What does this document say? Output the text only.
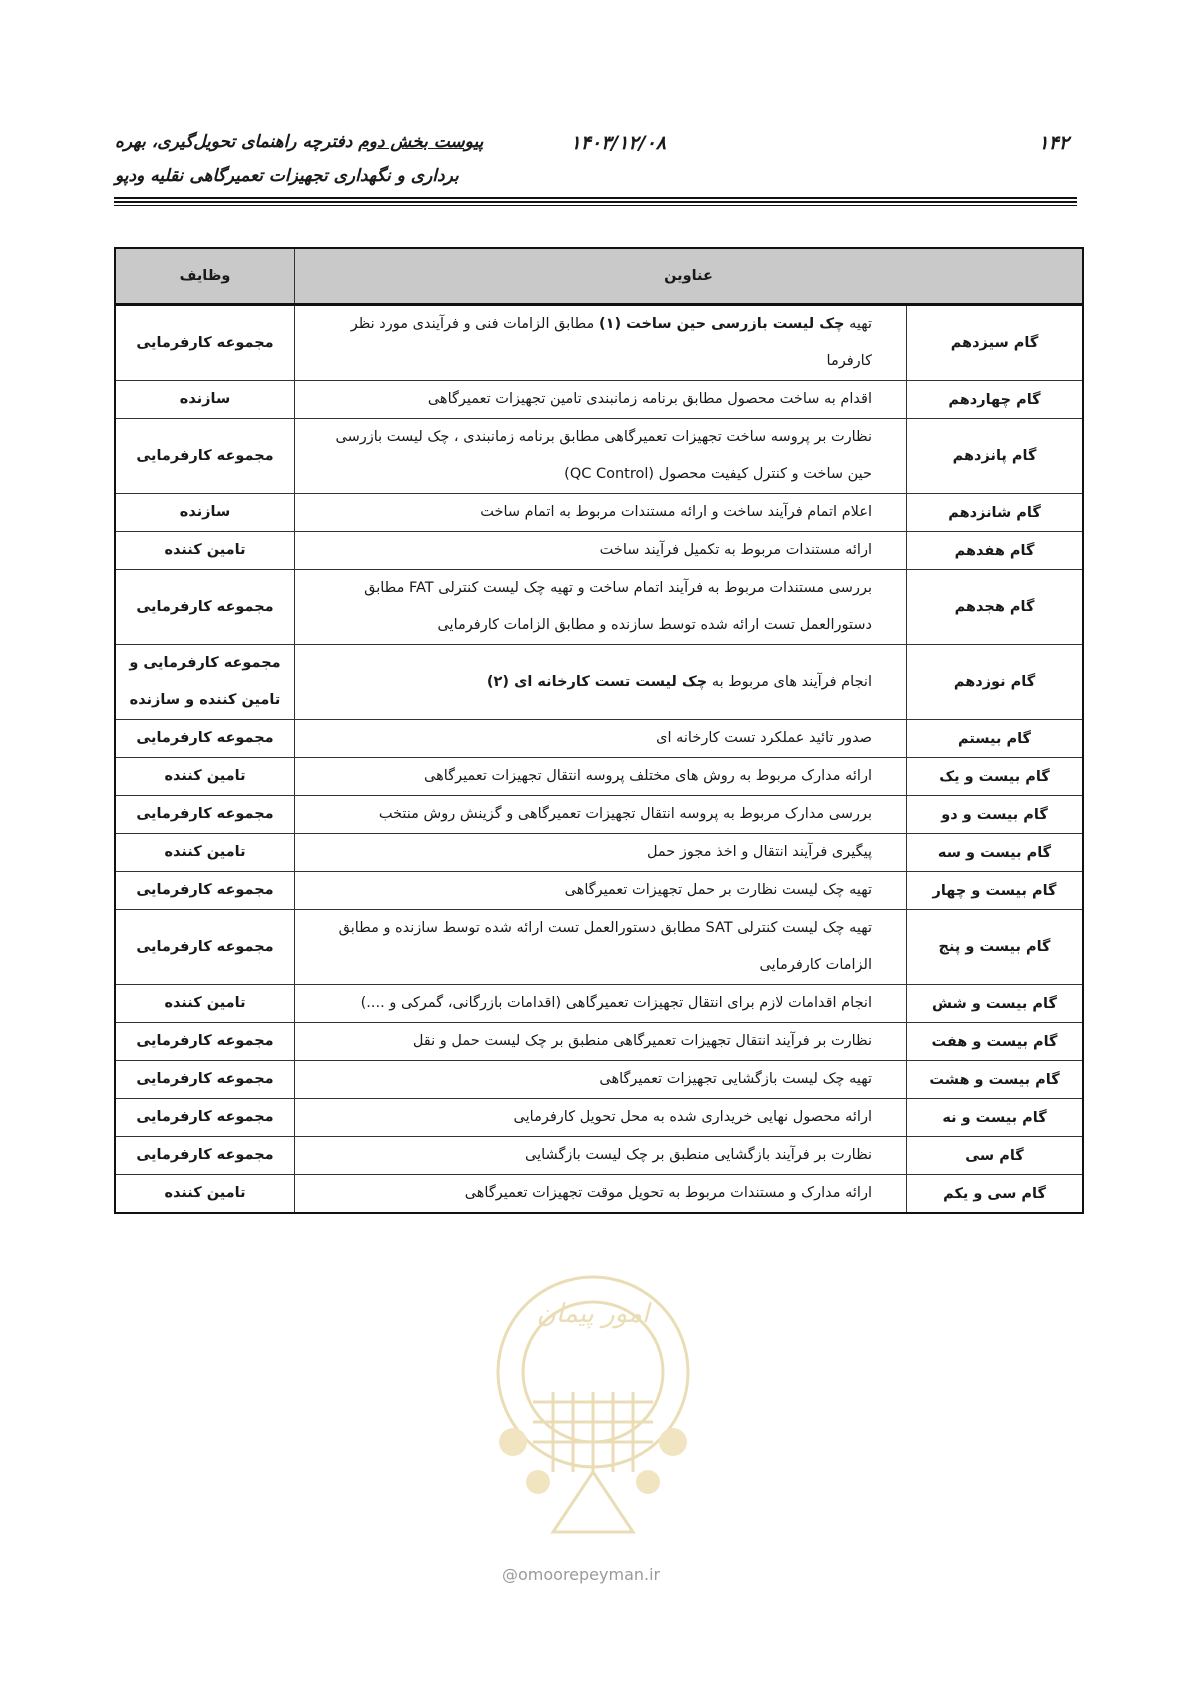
۱۴۲
۱۴۰۳/۱۲/۰۸
پیوست بخش دوم دفترچه راهنمای تحویل‌گیری، بهره
برداری و نگهداری تجهیزات تعمیرگاهی نقلیه ودپو
عناوین		وظایف
گام سیزدهم	تهیه چک لیست بازرسی حین ساخت (۱) مطابق الزامات فنی و فرآیندی مورد نظر کارفرما	مجموعه کارفرمایی
گام چهاردهم	اقدام به ساخت محصول مطابق برنامه زمانبندی تامین تجهیزات تعمیرگاهی	سازنده
گام پانزدهم	نظارت بر پروسه ساخت تجهیزات تعمیرگاهی مطابق برنامه زمانبندی ، چک لیست بازرسی حین ساخت و کنترل کیفیت محصول (QC Control)	مجموعه کارفرمایی
گام شانزدهم	اعلام اتمام فرآیند ساخت و ارائه مستندات مربوط به اتمام ساخت	سازنده
گام هفدهم	ارائه مستندات مربوط به تکمیل فرآیند ساخت	تامین کننده
گام هجدهم	بررسی مستندات مربوط به فرآیند اتمام ساخت و تهیه چک لیست کنترلی FAT مطابق دستورالعمل تست ارائه شده توسط سازنده و مطابق الزامات کارفرمایی	مجموعه کارفرمایی
گام نوزدهم	انجام فرآیند های مربوط به چک لیست تست کارخانه ای (۲)	مجموعه کارفرمایی و تامین کننده و سازنده
گام بیستم	صدور تائید عملکرد تست کارخانه ای	مجموعه کارفرمایی
گام بیست و یک	ارائه مدارک مربوط به روش های مختلف پروسه انتقال تجهیزات تعمیرگاهی	تامین کننده
گام بیست و دو	بررسی مدارک مربوط به پروسه انتقال تجهیزات تعمیرگاهی و گزینش روش منتخب	مجموعه کارفرمایی
گام بیست و سه	پیگیری فرآیند انتقال و اخذ مجوز حمل	تامین کننده
گام بیست و چهار	تهیه چک لیست نظارت بر حمل تجهیزات تعمیرگاهی	مجموعه کارفرمایی
گام بیست و پنج	تهیه چک لیست کنترلی SAT مطابق دستورالعمل تست ارائه شده توسط سازنده و مطابق الزامات کارفرمایی	مجموعه کارفرمایی
گام بیست و شش	انجام اقدامات لازم برای انتقال تجهیزات تعمیرگاهی (اقدامات بازرگانی، گمرکی و ....)	تامین کننده
گام بیست و هفت	نظارت بر فرآیند انتقال تجهیزات تعمیرگاهی منطبق بر چک لیست حمل و نقل	مجموعه کارفرمایی
گام بیست و هشت	تهیه چک لیست بازگشایی تجهیزات تعمیرگاهی	مجموعه کارفرمایی
گام بیست و نه	ارائه محصول نهایی خریداری شده به محل تحویل کارفرمایی	مجموعه کارفرمایی
گام سی	نظارت بر فرآیند بازگشایی منطبق بر چک لیست بازگشایی	مجموعه کارفرمایی
گام سی و یکم	ارائه مدارک و مستندات مربوط به تحویل موقت تجهیزات تعمیرگاهی	تامین کننده
امور پیمان
@omoorepeyman.ir
